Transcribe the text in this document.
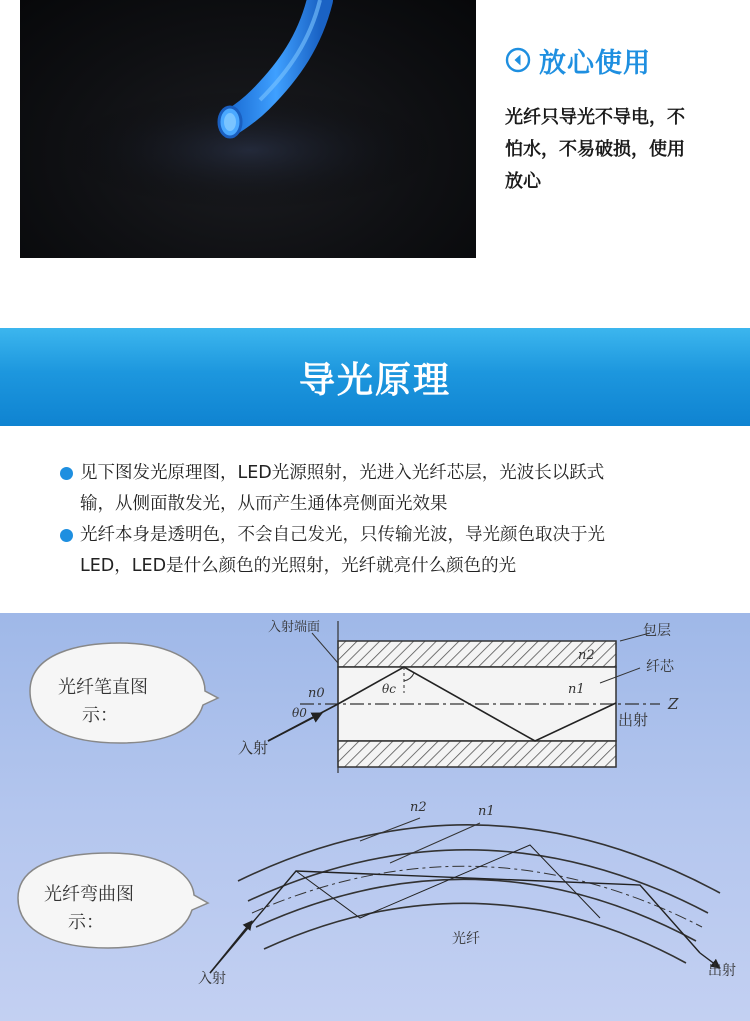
放心使用
光纤只导光不导电，不
怕水，不易破损，使用
放心
导光原理
见下图发光原理图，LED光源照射，光进入光纤芯层，光波长以跃式
输，从侧面散发光，从而产生通体亮侧面光效果
光纤本身是透明色，不会自己发光，只传输光波，导光颜色取决于光
LED，LED是什么颜色的光照射，光纤就亮什么颜色的光
光纤笔直图
示：
入射端面	包层
纤芯
n2
n1
n0	θc
θ0	Z
出射
入射
光纤弯曲图
示：
n2	n1
光纤
入射	出射
